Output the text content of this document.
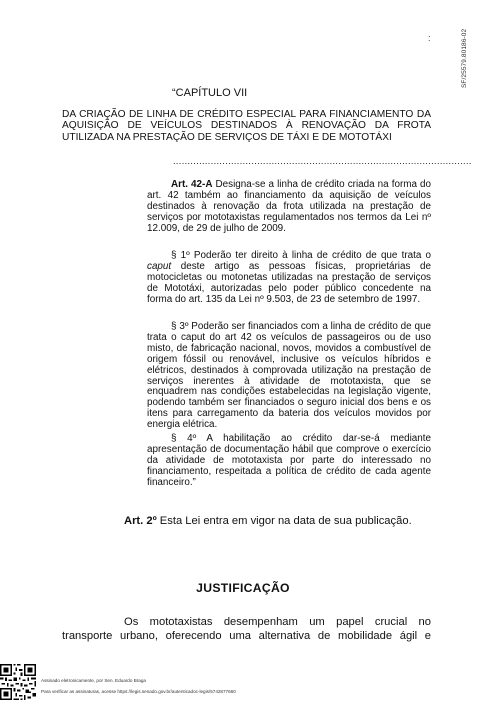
SF/25579.80186-02
:
“CAPÍTULO VII
DA CRIAÇÃO DE LINHA DE CRÉDITO ESPECIAL PARA FINANCIAMENTO DA AQUISIÇÃO DE VEÍCULOS DESTINADOS À RENOVAÇÃO DA FROTA UTILIZADA NA PRESTAÇÃO DE SERVIÇOS DE TÁXI E DE MOTOTÁXI
.......................................................................................................
Art. 42-A Designa-se a linha de crédito criada na forma do art. 42 também ao financiamento da aquisição de veículos destinados à renovação da frota utilizada na prestação de serviços por mototaxistas regulamentados nos termos da Lei nº 12.009, de 29 de julho de 2009.
§ 1º Poderão ter direito à linha de crédito de que trata o caput deste artigo as pessoas físicas, proprietárias de motocicletas ou motonetas utilizadas na prestação de serviços de Mototáxi, autorizadas pelo poder público concedente na forma do art. 135 da Lei nº 9.503, de 23 de setembro de 1997.
§ 3º Poderão ser financiados com a linha de crédito de que trata o caput do art 42 os veículos de passageiros ou de uso misto, de fabricação nacional, novos, movidos a combustível de origem fóssil ou renovável, inclusive os veículos híbridos e elétricos, destinados à comprovada utilização na prestação de serviços inerentes à atividade de mototaxista, que se enquadrem nas condições estabelecidas na legislação vigente, podendo também ser financiados o seguro inicial dos bens e os itens para carregamento da bateria dos veículos movidos por energia elétrica.
§ 4º A habilitação ao crédito dar-se-á mediante apresentação de documentação hábil que comprove o exercício da atividade de mototaxista por parte do interessado no financiamento, respeitada a política de crédito de cada agente financeiro.”
Art. 2º Esta Lei entra em vigor na data de sua publicação.
JUSTIFICAÇÃO
Os mototaxistas desempenham um papel crucial no transporte urbano, oferecendo uma alternativa de mobilidade ágil e
Assinado eletronicamente, por Sen. Eduardo Braga
Para verificar as assinaturas, acesse https://legis.senado.gov.br/autenticadoc-legis/5742877660
